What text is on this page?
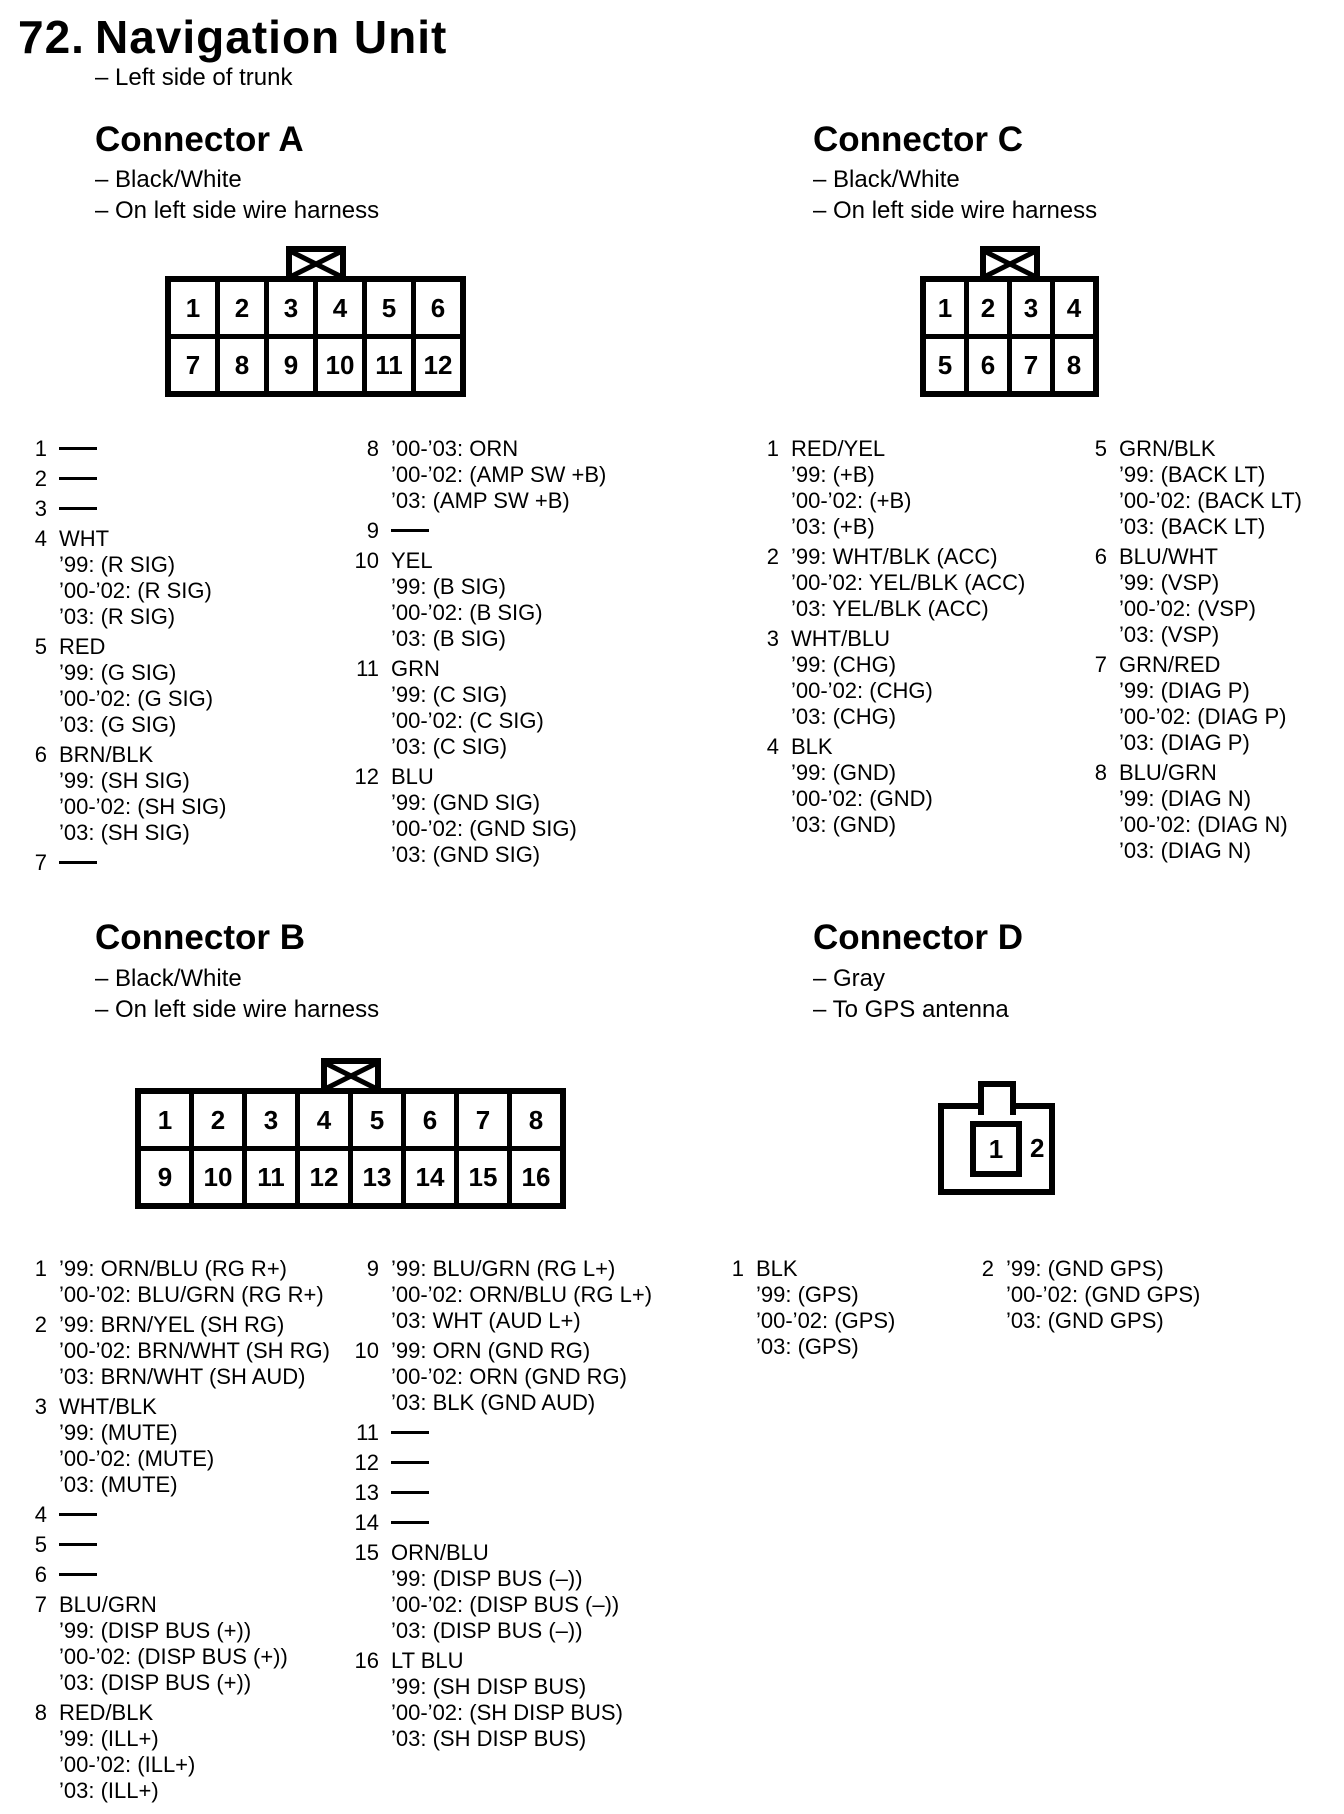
72. Navigation Unit
– Left side of trunk
Connector A
– Black/White
– On left side wire harness
1	2	3	4	5	6
7	8	9	10 11 12
1
2
3
4 WHT
’99: (R SIG)
’00-’02: (R SIG)
’03: (R SIG)
5 RED
’99: (G SIG)
’00-’02: (G SIG)
’03: (G SIG)
6 BRN/BLK
’99: (SH SIG)
’00-’02: (SH SIG)
’03: (SH SIG)
7
8 ’00-’03: ORN
’00-’02: (AMP SW +B)
’03: (AMP SW +B)
9
10 YEL
’99: (B SIG)
’00-’02: (B SIG)
’03: (B SIG)
11 GRN
’99: (C SIG)
’00-’02: (C SIG)
’03: (C SIG)
12 BLU
’99: (GND SIG)
’00-’02: (GND SIG)
’03: (GND SIG)
Connector C
– Black/White
– On left side wire harness
1	2	3	4
5	6	7	8
1 RED/YEL
’99: (+B)
’00-’02: (+B)
’03: (+B)
2 ’99: WHT/BLK (ACC)
’00-’02: YEL/BLK (ACC)
’03: YEL/BLK (ACC)
3 WHT/BLU
’99: (CHG)
’00-’02: (CHG)
’03: (CHG)
4 BLK
’99: (GND)
’00-’02: (GND)
’03: (GND)
5 GRN/BLK
’99: (BACK LT)
’00-’02: (BACK LT)
’03: (BACK LT)
6 BLU/WHT
’99: (VSP)
’00-’02: (VSP)
’03: (VSP)
7 GRN/RED
’99: (DIAG P)
’00-’02: (DIAG P)
’03: (DIAG P)
8 BLU/GRN
’99: (DIAG N)
’00-’02: (DIAG N)
’03: (DIAG N)
Connector B
– Black/White
– On left side wire harness
1	2	3	4	5	6	7	8
9	10 11 12 13 14 15 16
1 ’99: ORN/BLU (RG R+)
’00-’02: BLU/GRN (RG R+)
2 ’99: BRN/YEL (SH RG)
’00-’02: BRN/WHT (SH RG)
’03: BRN/WHT (SH AUD)
3 WHT/BLK
’99: (MUTE)
’00-’02: (MUTE)
’03: (MUTE)
4
5
6
7 BLU/GRN
’99: (DISP BUS (+))
’00-’02: (DISP BUS (+))
’03: (DISP BUS (+))
8 RED/BLK
’99: (ILL+)
’00-’02: (ILL+)
’03: (ILL+)
9 ’99: BLU/GRN (RG L+)
’00-’02: ORN/BLU (RG L+)
’03: WHT (AUD L+)
10 ’99: ORN (GND RG)
’00-’02: ORN (GND RG)
’03: BLK (GND AUD)
11
12
13
14
15 ORN/BLU
’99: (DISP BUS (–))
’00-’02: (DISP BUS (–))
’03: (DISP BUS (–))
16 LT BLU
’99: (SH DISP BUS)
’00-’02: (SH DISP BUS)
’03: (SH DISP BUS)
Connector D
– Gray
– To GPS antenna
1	2
1 BLK
’99: (GPS)
’00-’02: (GPS)
’03: (GPS)
2 ’99: (GND GPS)
’00-’02: (GND GPS)
’03: (GND GPS)
